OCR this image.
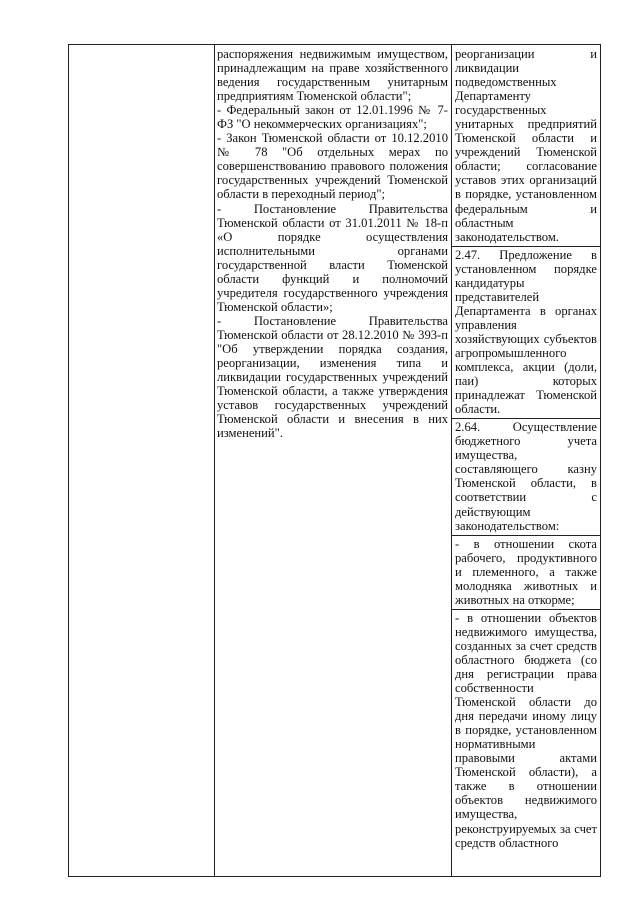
распоряжения недвижимым имуществом, принадлежащим на праве хозяйственного ведения государственным унитарным предприятиям Тюменской области";

- Федеральный закон от 12.01.1996 № 7-ФЗ "О некоммерческих организациях";

- Закон Тюменской области от 10.12.2010 № 78 "Об отдельных мерах по совершенствованию правового положения государственных учреждений Тюменской области в переходный период";

- Постановление Правительства Тюменской области от 31.01.2011 № 18-п «О порядке осуществления исполнительными органами государственной власти Тюменской области функций и полномочий учредителя государственного учреждения Тюменской области»;

- Постановление Правительства Тюменской области от 28.12.2010 № 393-п "Об утверждении порядка создания, реорганизации, изменения типа и ликвидации государственных учреждений Тюменской области, а также утверждения уставов государственных учреждений Тюменской области и внесения в них изменений".

реорганизации и ликвидации подведомственных Департаменту государственных унитарных предприятий Тюменской области и учреждений Тюменской области; согласование уставов этих организаций в порядке, установленном федеральным и областным законодательством.

2.47. Предложение в установленном порядке кандидатуры представителей Департамента в органах управления хозяйствующих субъектов агропромышленного комплекса, акции (доли, паи) которых принадлежат Тюменской области.

2.64. Осуществление бюджетного учета имущества, составляющего казну Тюменской области, в соответствии с действующим законодательством:

- в отношении скота рабочего, продуктивного и племенного, а также молодняка животных и животных на откорме;

- в отношении объектов недвижимого имущества, созданных за счет средств областного бюджета (со дня регистрации права собственности Тюменской области до дня передачи иному лицу в порядке, установленном нормативными правовыми актами Тюменской области), а также в отношении объектов недвижимого имущества, реконструируемых за счет средств областного
